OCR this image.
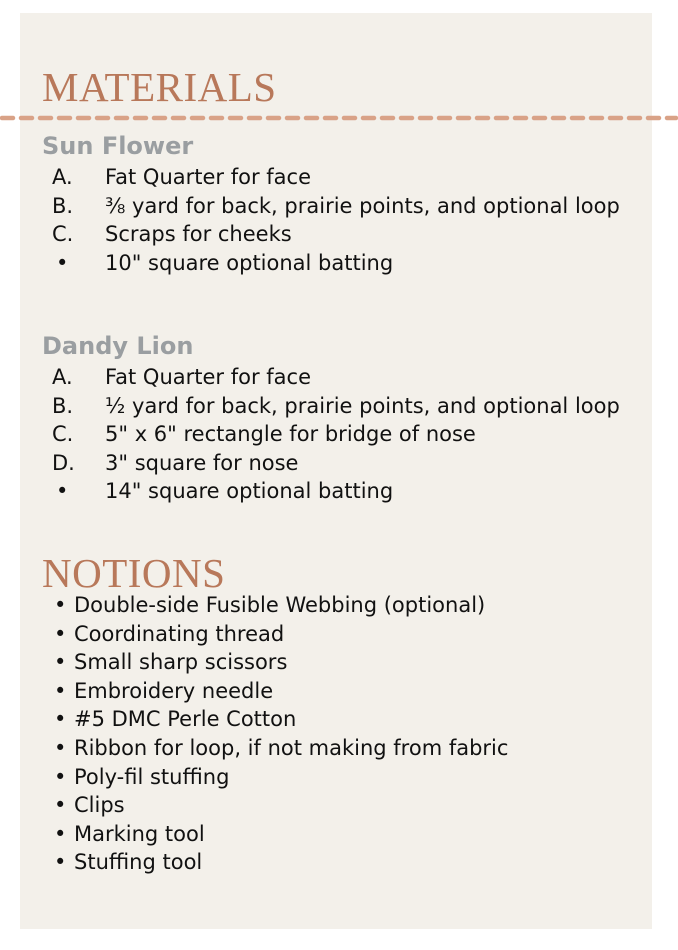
MATERIALS
Sun Flower
A. Fat Quarter for face
B. ⅜ yard for back, prairie points, and optional loop
C. Scraps for cheeks
• 10" square optional batting
Dandy Lion
A. Fat Quarter for face
B. ½ yard for back, prairie points, and optional loop
C. 5" x 6" rectangle for bridge of nose
D. 3" square for nose
• 14" square optional batting
NOTIONS
• Double-side Fusible Webbing (optional)
• Coordinating thread
• Small sharp scissors
• Embroidery needle
• #5 DMC Perle Cotton
• Ribbon for loop, if not making from fabric
• Poly-fil stuffing
• Clips
• Marking tool
• Stuffing tool
